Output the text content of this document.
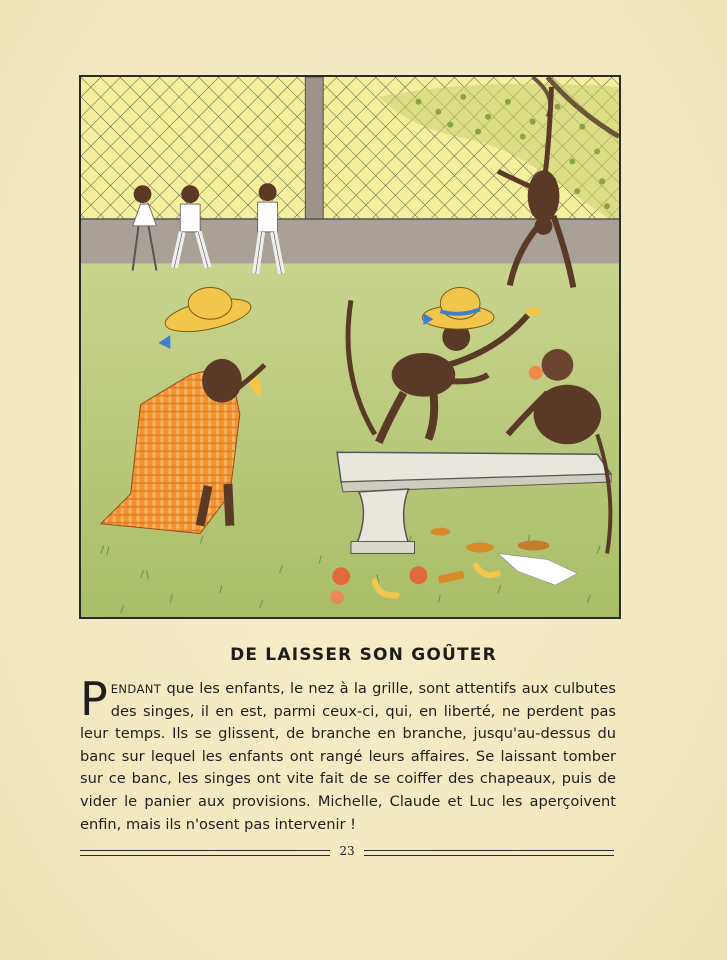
DE LAISSER SON GOÛTER

PENDANT que les enfants, le nez à la grille, sont attentifs aux culbutes des singes, il en est, parmi ceux-ci, qui, en liberté, ne perdent pas leur temps. Ils se glissent, de branche en branche, jusqu'au-dessus du banc sur lequel les enfants ont rangé leurs affaires. Se laissant tomber sur ce banc, les singes ont vite fait de se coiffer des chapeaux, puis de vider le panier aux provisions. Michelle, Claude et Luc les aperçoivent enfin, mais ils n'osent pas intervenir !

23
